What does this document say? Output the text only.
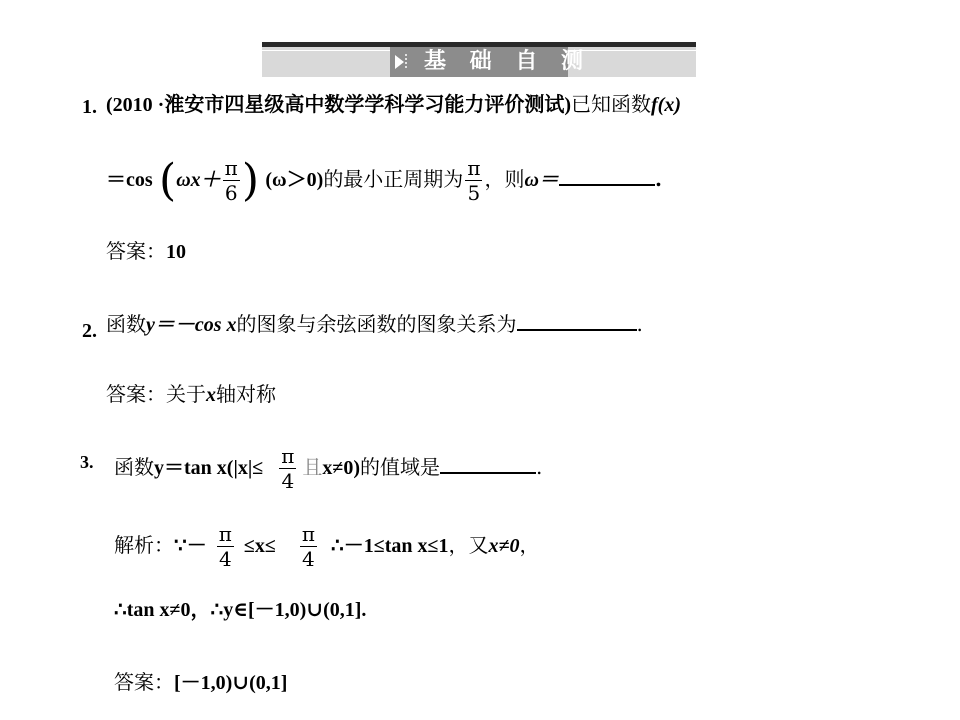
基 础 自 测
1. (2010 ·淮安市四星级高中数学学科学习能力评价测试)已知函数f(x)
＝cos ($\omega x+ \frac{\pi}{6}$ ) (ω＞0)的最小正周期为 $\frac{\pi}{5}$ ，则ω＝	.
答案：10
2. 函数y＝－cos x的图象与余弦函数的图象关系为	.
答案：关于x轴对称
3. 函数y＝tan $x(|x|\le \frac{\pi}{4}$ 且x≠0)的值域是	.
解析：∵－ $\frac{\pi}{4} \le x\le \frac{\pi}{4}$ ∴－1≤tan x≤1，又x≠0，
∴tan x≠0，∴y∈[－1,0)∪(0,1].
答案：[－1,0)∪(0,1]
